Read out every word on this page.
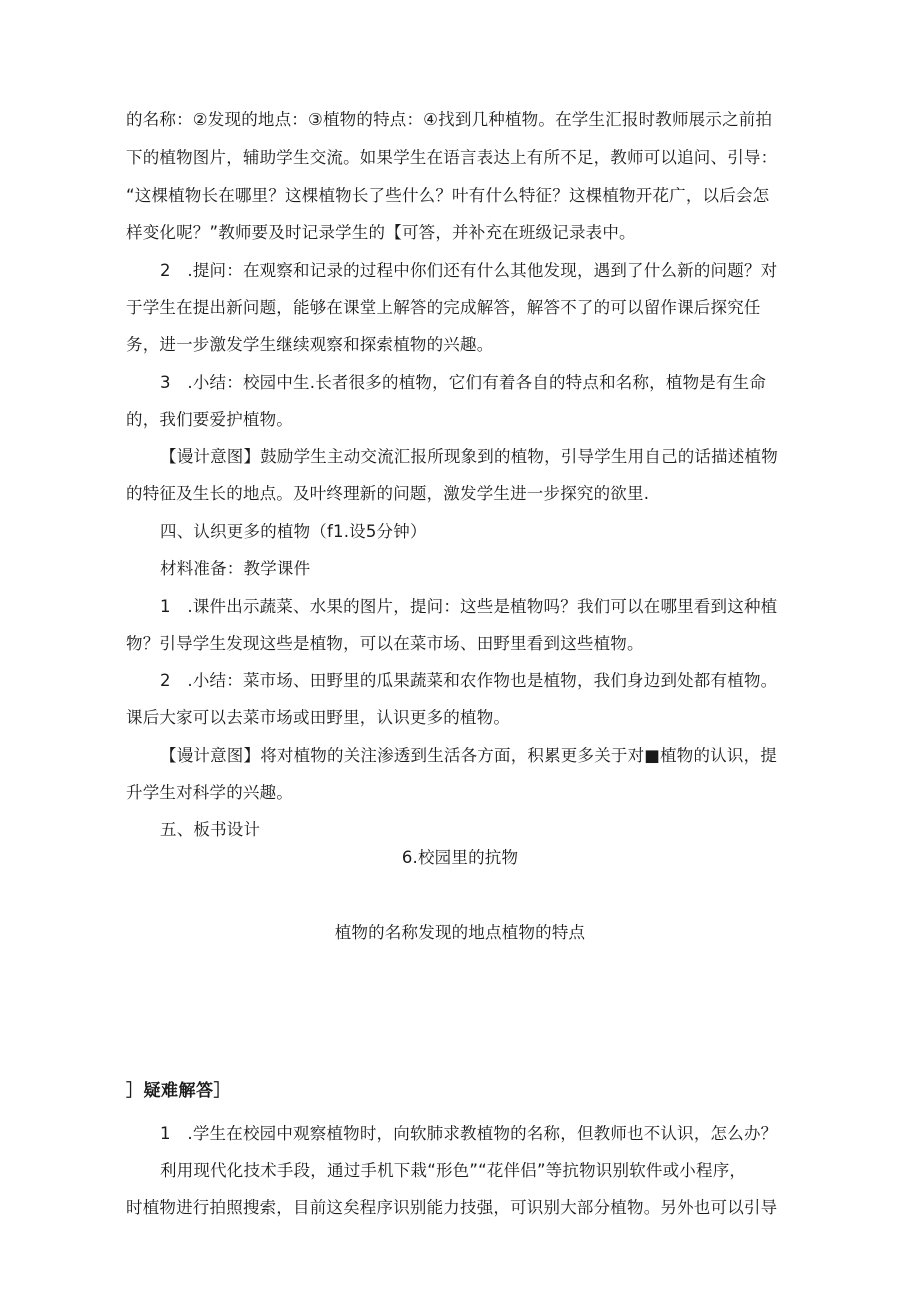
的名称：②发现的地点：③植物的特点：④找到几种植物。在学生汇报时教师展示之前拍
下的植物图片，辅助学生交流。如果学生在语言表达上有所不足，教师可以追问、引导：
“这棵植物长在哪里？这棵植物长了些什么？叶有什么特征？这棵植物开花广，以后会怎
样变化呢？”教师要及时记录学生的【可答，并补充在班级记录表中。
2　.提问：在观察和记录的过程中你们还有什么其他发现，遇到了什么新的问题？对
于学生在提出新问题，能够在课堂上解答的完成解答，解答不了的可以留作课后探究任
务，进一步激发学生继续观察和探索植物的兴趣。
3　.小结：校园中生.长者很多的植物，它们有着各自的特点和名称，植物是有生命
的，我们要爱护植物。
【谩计意图】鼓励学生主动交流汇报所现象到的植物，引导学生用自己的话描述植物
的特征及生长的地点。及叶终理新的问题，激发学生进一步探究的欲里.
四、认织更多的植物（f1.设5分钟）
材料准备：教学课件
1　.课件出示蔬菜、水果的图片，提问：这些是植物吗？我们可以在哪里看到这种植
物？引导学生发现这些是植物，可以在菜市场、田野里看到这些植物。
2　.小结：菜市场、田野里的瓜果蔬菜和农作物也是植物，我们身边到处都有植物。
课后大家可以去菜市场或田野里，认识更多的植物。
【谩计意图】将对植物的关注渗透到生活各方面，积累更多关于对■植物的认识，提
升学生对科学的兴趣。
五、板书设计
6.校园里的抗物
植物的名称发现的地点植物的特点
］疑难解答］
1　.学生在校园中观察植物时，向软肺求教植物的名称，但教师也不认识，怎么办？
利用现代化技术手段，通过手机下栽“形色”“花伴侣”等抗物识别软件或小程序，
时植物进行拍照搜索，目前这矣程序识别能力技强，可识别大部分植物。另外也可以引导
